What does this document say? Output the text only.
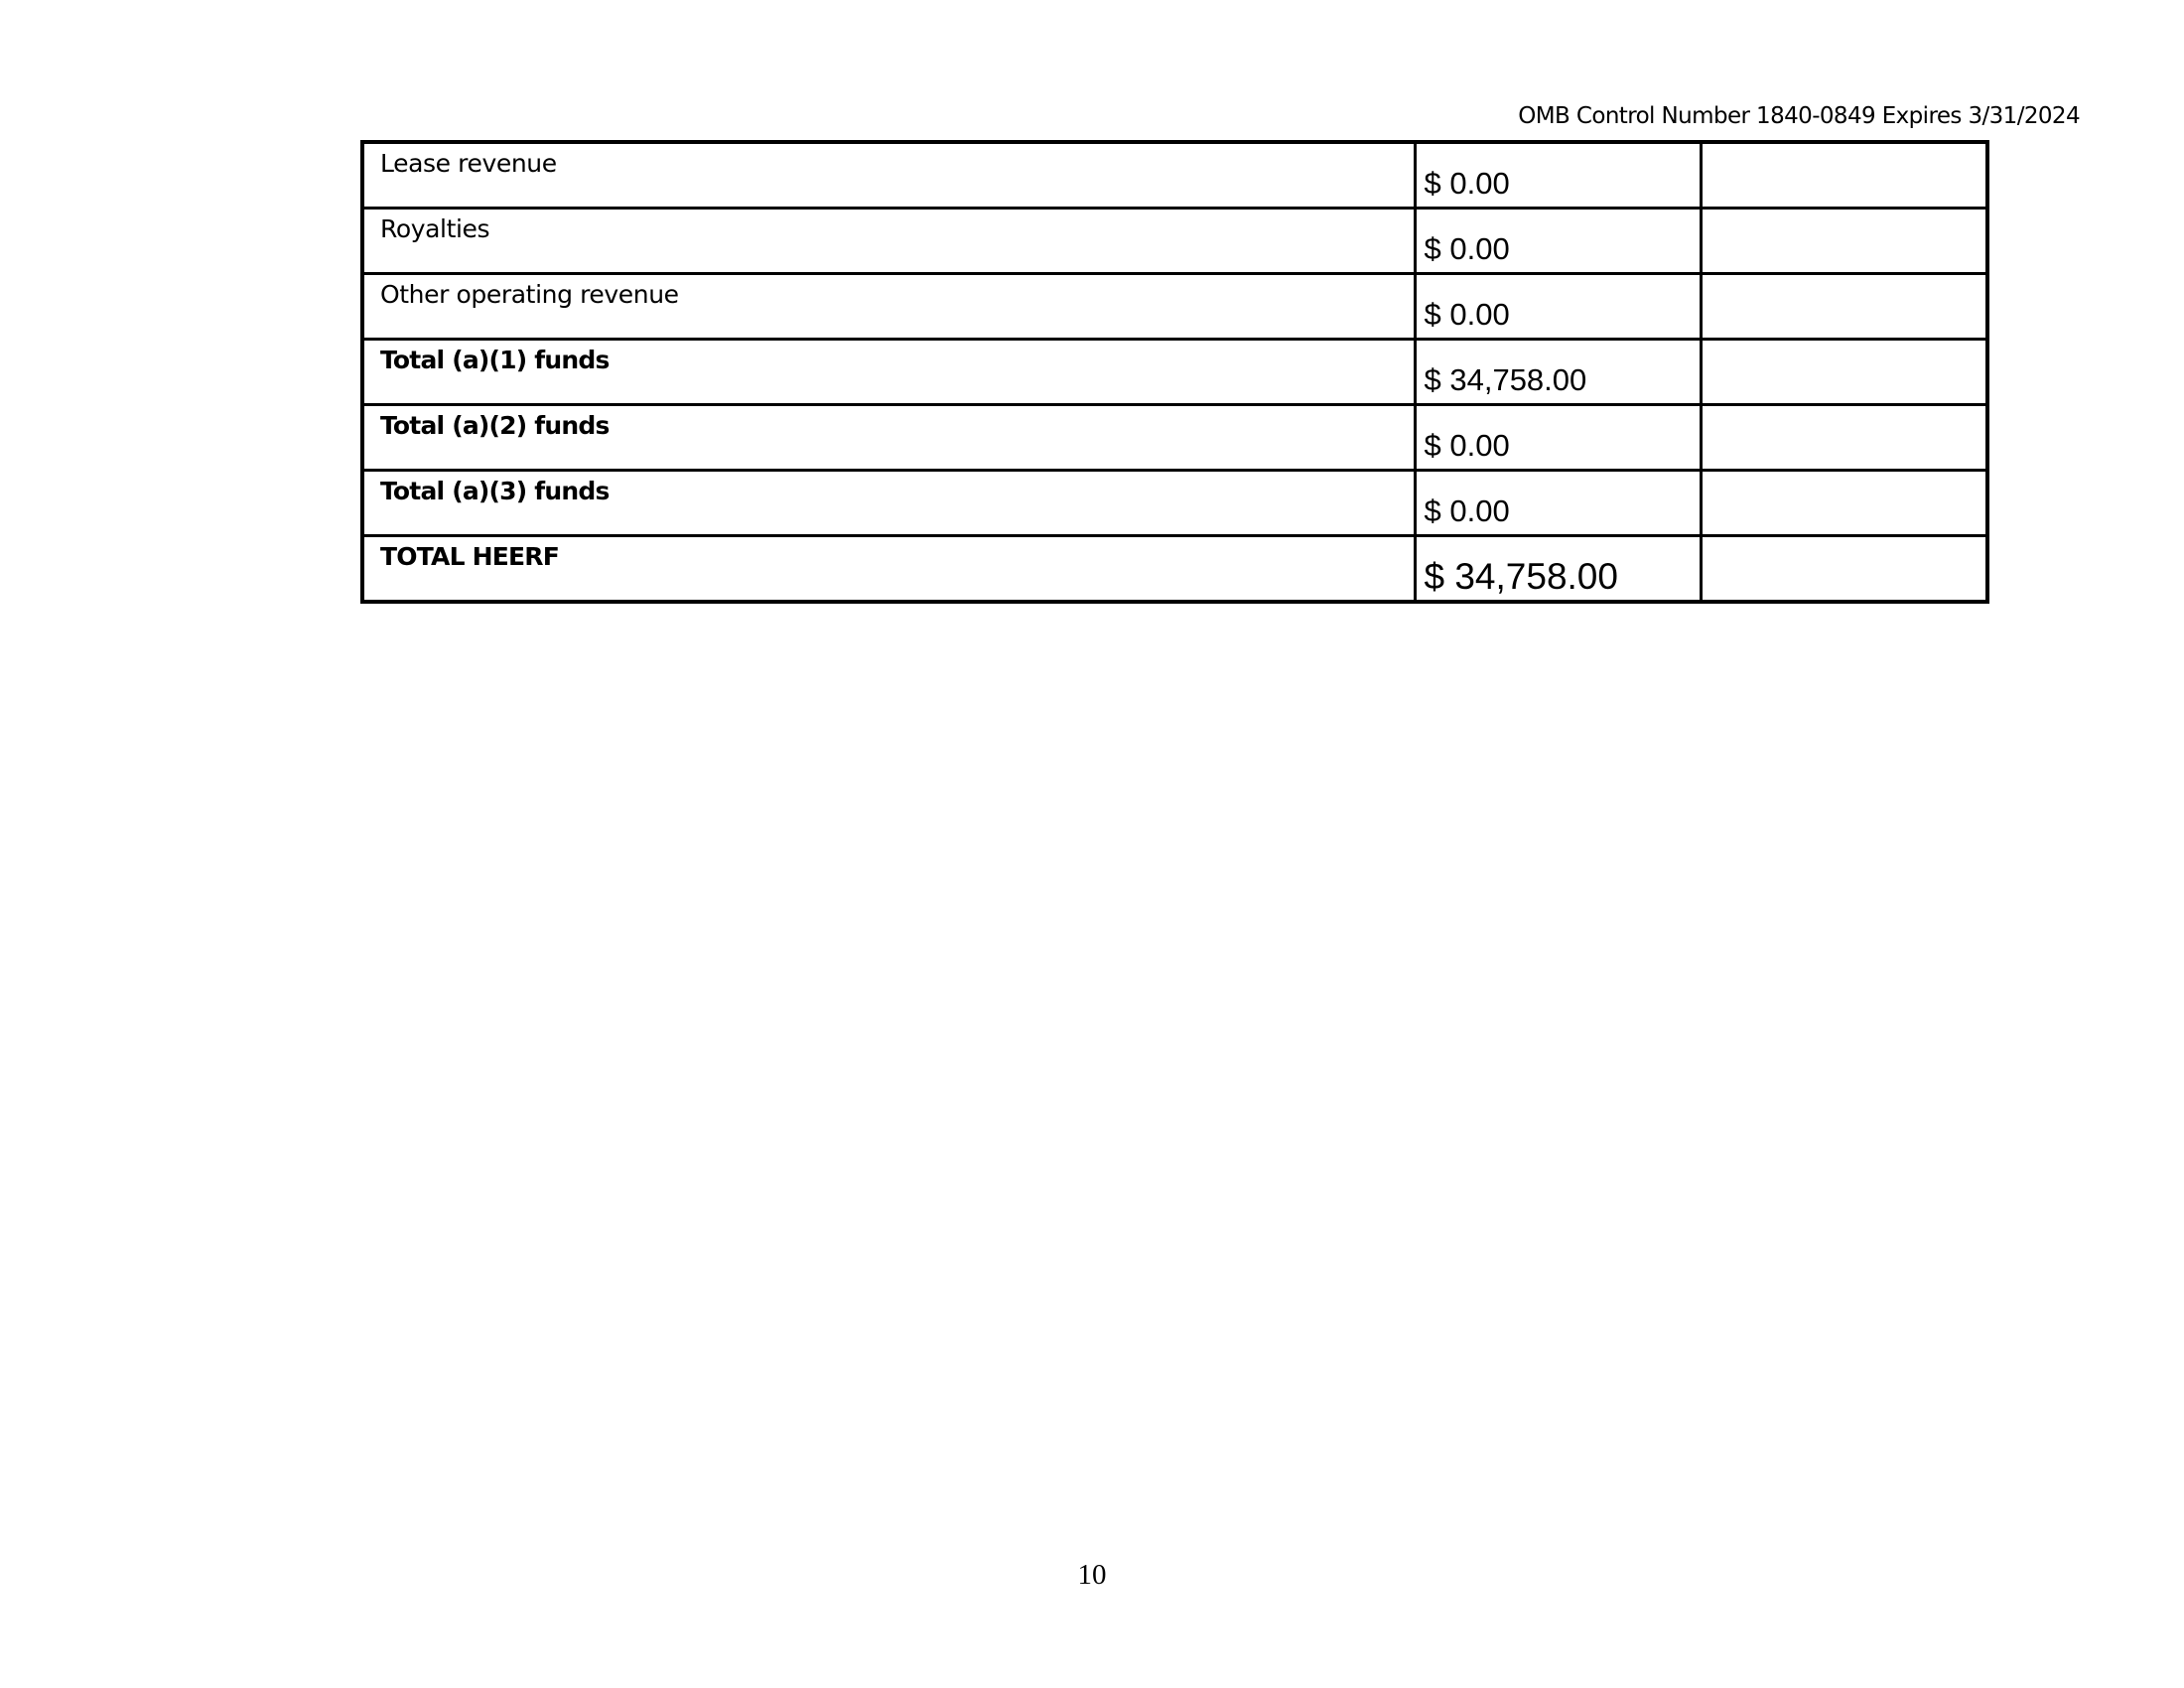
OMB Control Number 1840-0849 Expires 3/31/2024
Lease revenue	$ 0.00	
Royalties	$ 0.00	
Other operating revenue	$ 0.00	
Total (a)(1) funds	$ 34,758.00	
Total (a)(2) funds	$ 0.00	
Total (a)(3) funds	$ 0.00	
TOTAL HEERF	$ 34,758.00	
10
